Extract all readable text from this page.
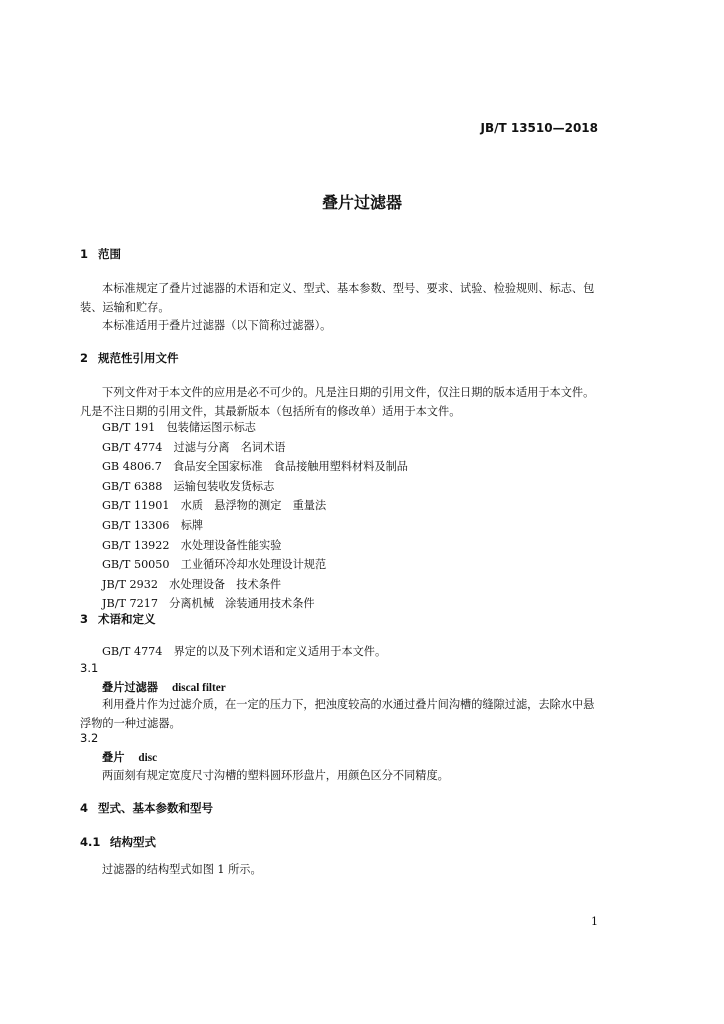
JB/T 13510—2018
叠片过滤器
1 范围
本标准规定了叠片过滤器的术语和定义、型式、基本参数、型号、要求、试验、检验规则、标志、包装、运输和贮存。
本标准适用于叠片过滤器（以下简称过滤器）。
2 规范性引用文件
下列文件对于本文件的应用是必不可少的。凡是注日期的引用文件，仅注日期的版本适用于本文件。凡是不注日期的引用文件，其最新版本（包括所有的修改单）适用于本文件。
GB/T 191　包装储运图示标志
GB/T 4774　过滤与分离　名词术语
GB 4806.7　食品安全国家标准　食品接触用塑料材料及制品
GB/T 6388　运输包装收发货标志
GB/T 11901　水质　悬浮物的测定　重量法
GB/T 13306　标牌
GB/T 13922　水处理设备性能实验
GB/T 50050　工业循环冷却水处理设计规范
JB/T 2932　水处理设备　技术条件
JB/T 7217　分离机械　涂装通用技术条件
3 术语和定义
GB/T 4774　界定的以及下列术语和定义适用于本文件。
3.1
叠片过滤器 discal filter
利用叠片作为过滤介质，在一定的压力下，把浊度较高的水通过叠片间沟槽的缝隙过滤，去除水中悬浮物的一种过滤器。
3.2
叠片 disc
两面刻有规定宽度尺寸沟槽的塑料圆环形盘片，用颜色区分不同精度。
4 型式、基本参数和型号
4.1 结构型式
过滤器的结构型式如图 1 所示。
1
